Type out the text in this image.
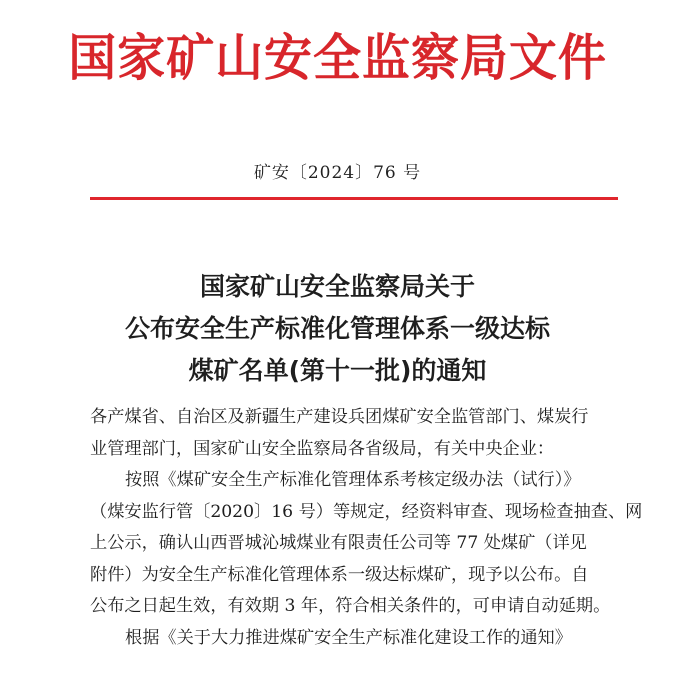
国家矿山安全监察局文件
矿安〔2024〕76 号
国家矿山安全监察局关于
公布安全生产标准化管理体系一级达标
煤矿名单(第十一批)的通知
各产煤省、自治区及新疆生产建设兵团煤矿安全监管部门、煤炭行
业管理部门，国家矿山安全监察局各省级局，有关中央企业：
按照《煤矿安全生产标准化管理体系考核定级办法（试行）》
（煤安监行管〔2020〕16 号）等规定，经资料审查、现场检查抽查、网
上公示，确认山西晋城沁城煤业有限责任公司等 77 处煤矿（详见
附件）为安全生产标准化管理体系一级达标煤矿，现予以公布。自
公布之日起生效，有效期 3 年，符合相关条件的，可申请自动延期。
根据《关于大力推进煤矿安全生产标准化建设工作的通知》
